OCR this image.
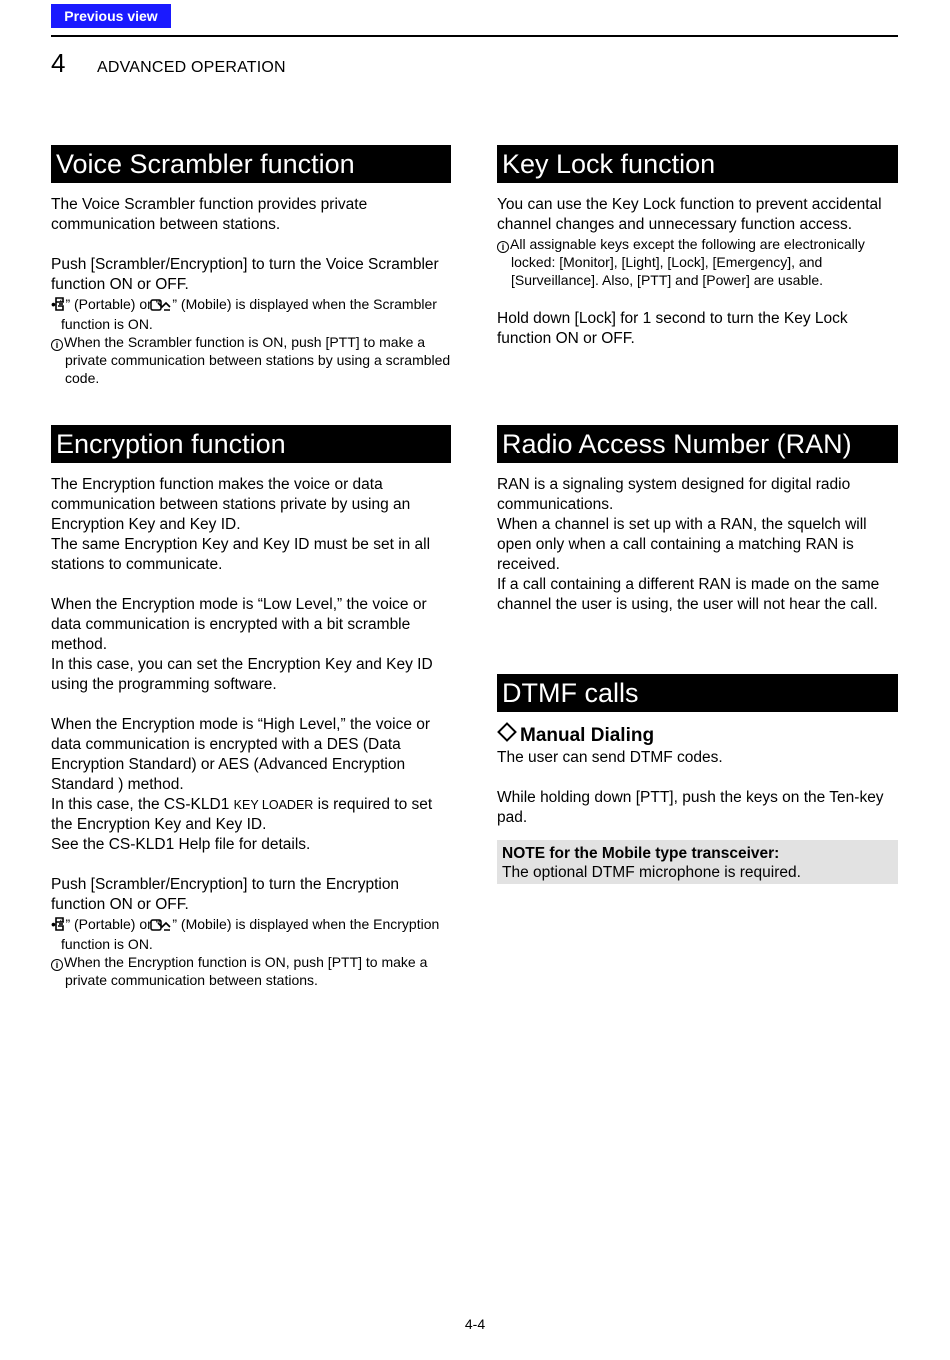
Previous view
4 ADVANCED OPERATION
Voice Scrambler function

The Voice Scrambler function provides private communication between stations.

Push [Scrambler/Encryption] to turn the Voice Scrambler function ON or OFF.

• “” (Portable) or “ ” (Mobile) is displayed when the Scrambler function is ON.

i When the Scrambler function is ON, push [PTT] to make a private communication between stations by using a scrambled code.

Encryption function

The Encryption function makes the voice or data communication between stations private by using an Encryption Key and Key ID.

The same Encryption Key and Key ID must be set in all stations to communicate.

When the Encryption mode is “Low Level,” the voice or data communication is encrypted with a bit scramble method.

In this case, you can set the Encryption Key and Key ID using the programming software.

When the Encryption mode is “High Level,” the voice or data communication is encrypted with a DES (Data Encryption Standard) or AES (Advanced Encryption Standard ) method.

In this case, the CS-KLD1 KEY LOADER is required to set the Encryption Key and Key ID.

See the CS-KLD1 Help file for details.

Push [Scrambler/Encryption] to turn the Encryption function ON or OFF.

• “” (Portable) or “ ” (Mobile) is displayed when the Encryption function is ON.

i When the Encryption function is ON, push [PTT] to make a private communication between stations.

Key Lock function

You can use the Key Lock function to prevent accidental channel changes and unnecessary function access.

i All assignable keys except the following are electronically locked: [Monitor], [Light], [Lock], [Emergency], and [Surveillance]. Also, [PTT] and [Power] are usable.

Hold down [Lock] for 1 second to turn the Key Lock function ON or OFF.

Radio Access Number (RAN)

RAN is a signaling system designed for digital radio communications.

When a channel is set up with a RAN, the squelch will open only when a call containing a matching RAN is received.

If a call containing a different RAN is made on the same channel the user is using, the user will not hear the call.

DTMF calls

Manual Dialing

The user can send DTMF codes.

While holding down [PTT], push the keys on the Ten-key pad.

NOTE for the Mobile type transceiver:
The optional DTMF microphone is required.
4-4
